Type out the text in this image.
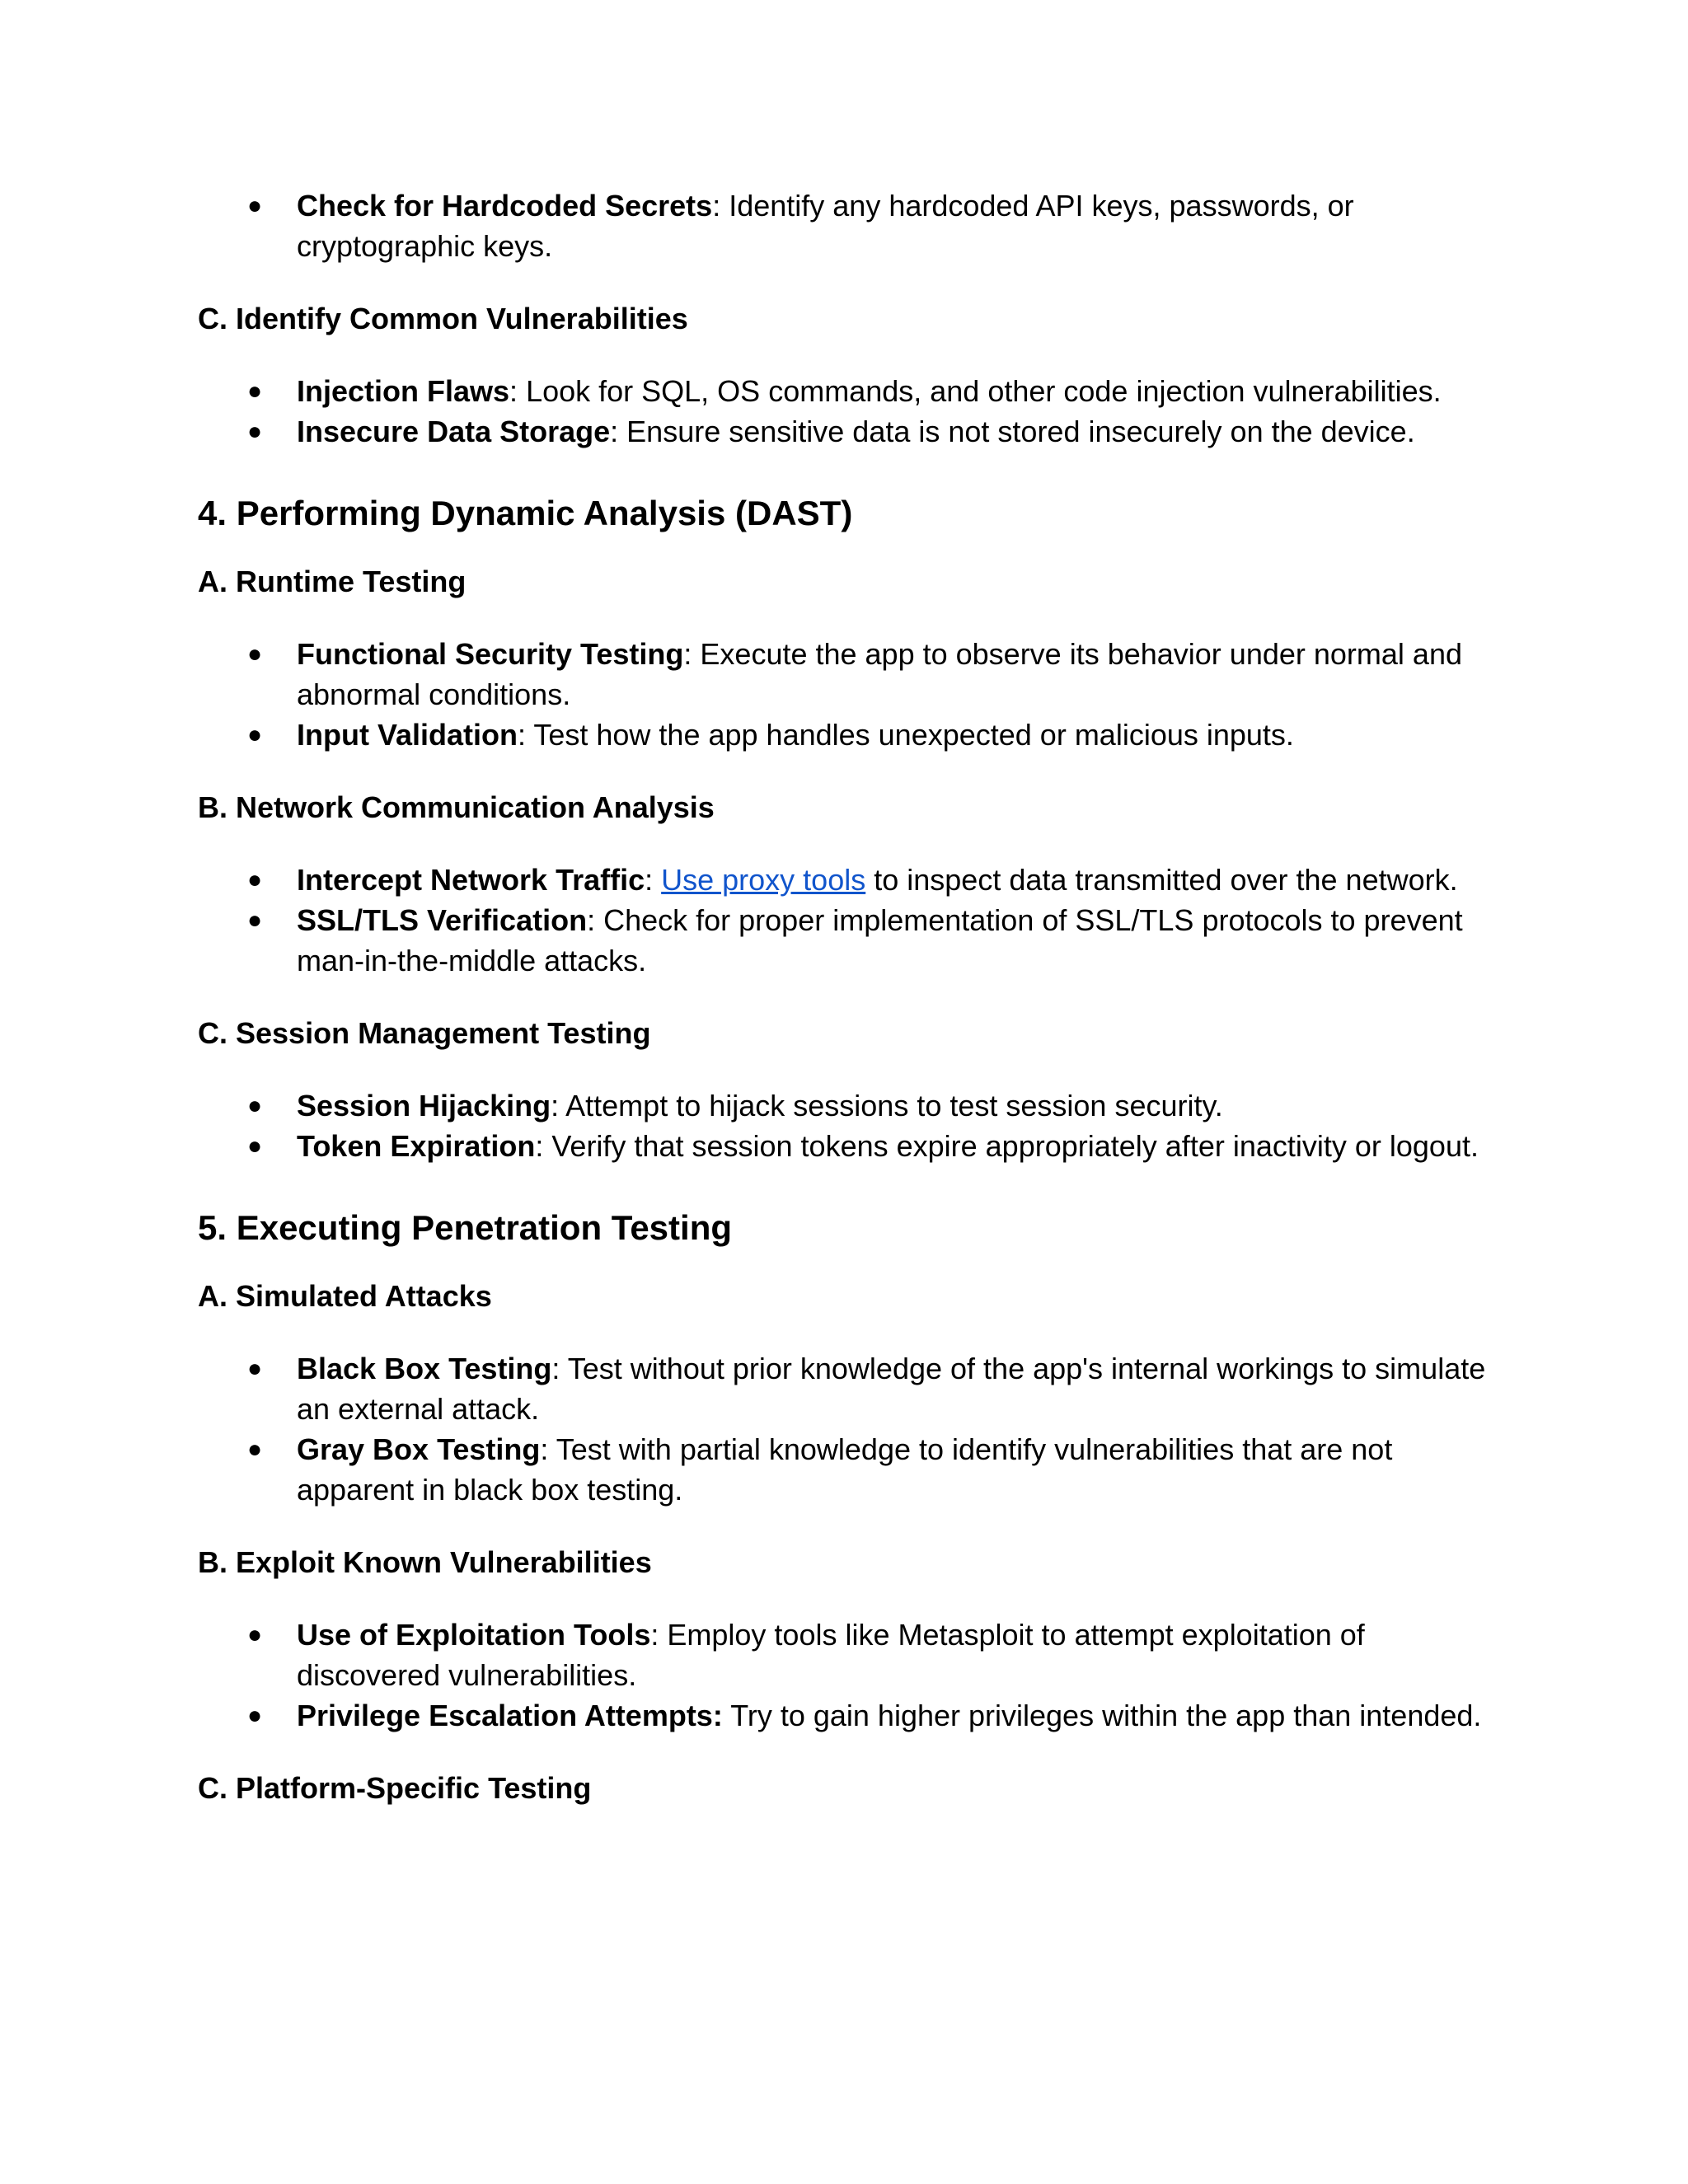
● Check for Hardcoded Secrets: Identify any hardcoded API keys, passwords, or cryptographic keys.
C. Identify Common Vulnerabilities
● Injection Flaws: Look for SQL, OS commands, and other code injection vulnerabilities.
● Insecure Data Storage: Ensure sensitive data is not stored insecurely on the device.
4. Performing Dynamic Analysis (DAST)
A. Runtime Testing
● Functional Security Testing: Execute the app to observe its behavior under normal and abnormal conditions.
● Input Validation: Test how the app handles unexpected or malicious inputs.
B. Network Communication Analysis
● Intercept Network Traffic: Use proxy tools to inspect data transmitted over the network.
● SSL/TLS Verification: Check for proper implementation of SSL/TLS protocols to prevent man-in-the-middle attacks.
C. Session Management Testing
● Session Hijacking: Attempt to hijack sessions to test session security.
● Token Expiration: Verify that session tokens expire appropriately after inactivity or logout.
5. Executing Penetration Testing
A. Simulated Attacks
● Black Box Testing: Test without prior knowledge of the app's internal workings to simulate an external attack.
● Gray Box Testing: Test with partial knowledge to identify vulnerabilities that are not apparent in black box testing.
B. Exploit Known Vulnerabilities
● Use of Exploitation Tools: Employ tools like Metasploit to attempt exploitation of discovered vulnerabilities.
● Privilege Escalation Attempts: Try to gain higher privileges within the app than intended.
C. Platform-Specific Testing
